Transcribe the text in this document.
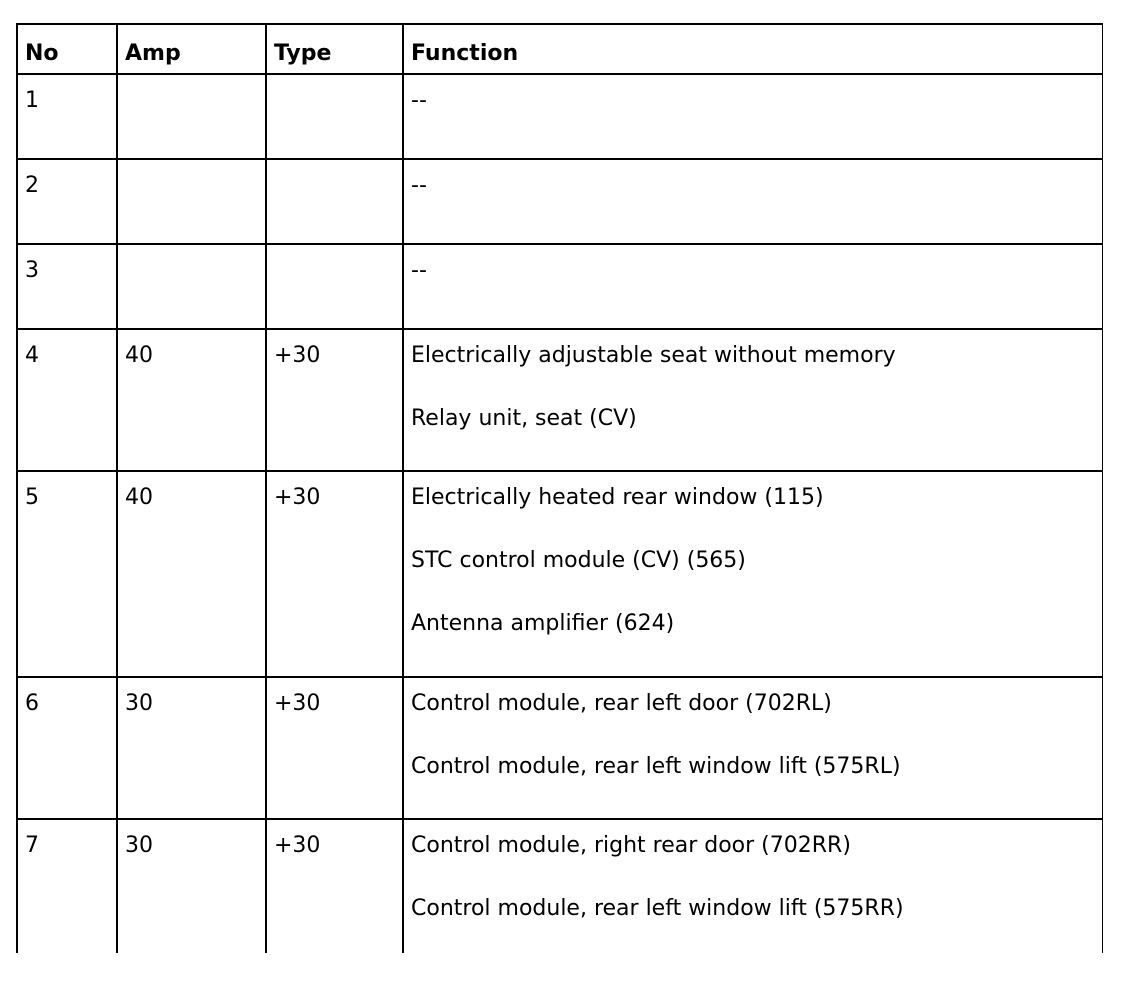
No	Amp	Type	Function
1			--

2			--

3			--

4	40	+30	Electrically adjustable seat without memory
Relay unit, seat (CV)

5	40	+30	Electrically heated rear window (115)
STC control module (CV) (565)
Antenna amplifier (624)

6	30	+30	Control module, rear left door (702RL)
Control module, rear left window lift (575RL)

7	30	+30	Control module, right rear door (702RR)
Control module, rear left window lift (575RR)
